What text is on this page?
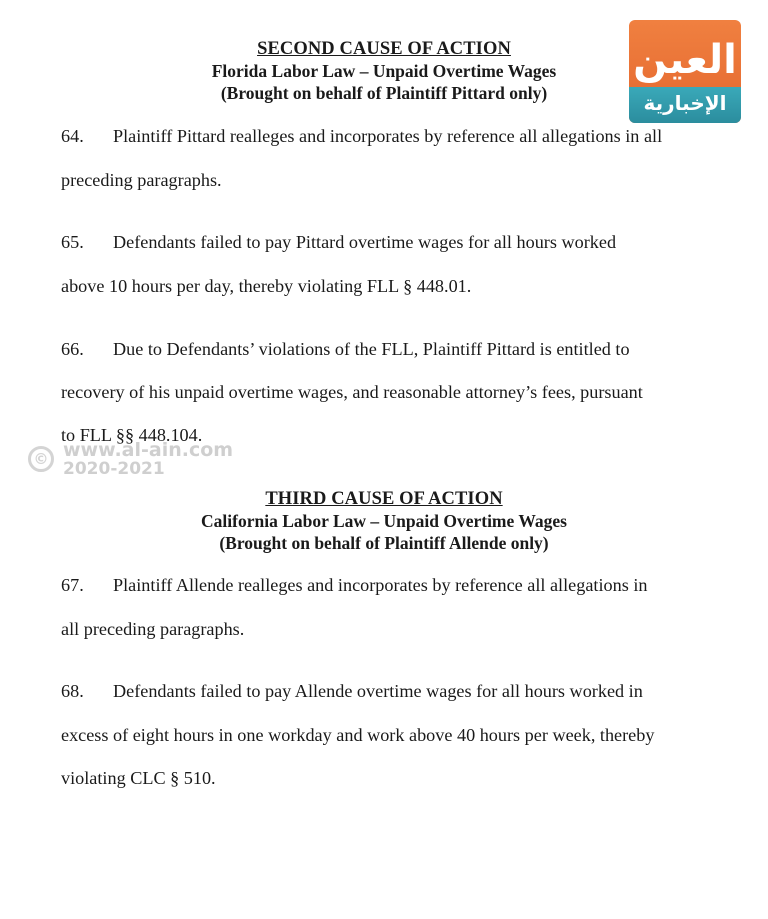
SECOND CAUSE OF ACTION
Florida Labor Law – Unpaid Overtime Wages
(Brought on behalf of Plaintiff Pittard only)
64. Plaintiff Pittard realleges and incorporates by reference all allegations in all
preceding paragraphs.
65. Defendants failed to pay Pittard overtime wages for all hours worked
above 10 hours per day, thereby violating FLL § 448.01.
66. Due to Defendants’ violations of the FLL, Plaintiff Pittard is entitled to
recovery of his unpaid overtime wages, and reasonable attorney’s fees, pursuant
to FLL §§ 448.104.
© www.al-ain.com
2020-2021
THIRD CAUSE OF ACTION
California Labor Law – Unpaid Overtime Wages
(Brought on behalf of Plaintiff Allende only)
67. Plaintiff Allende realleges and incorporates by reference all allegations in
all preceding paragraphs.
68. Defendants failed to pay Allende overtime wages for all hours worked in
excess of eight hours in one workday and work above 40 hours per week, thereby
violating CLC § 510.
العين
الإخبارية
